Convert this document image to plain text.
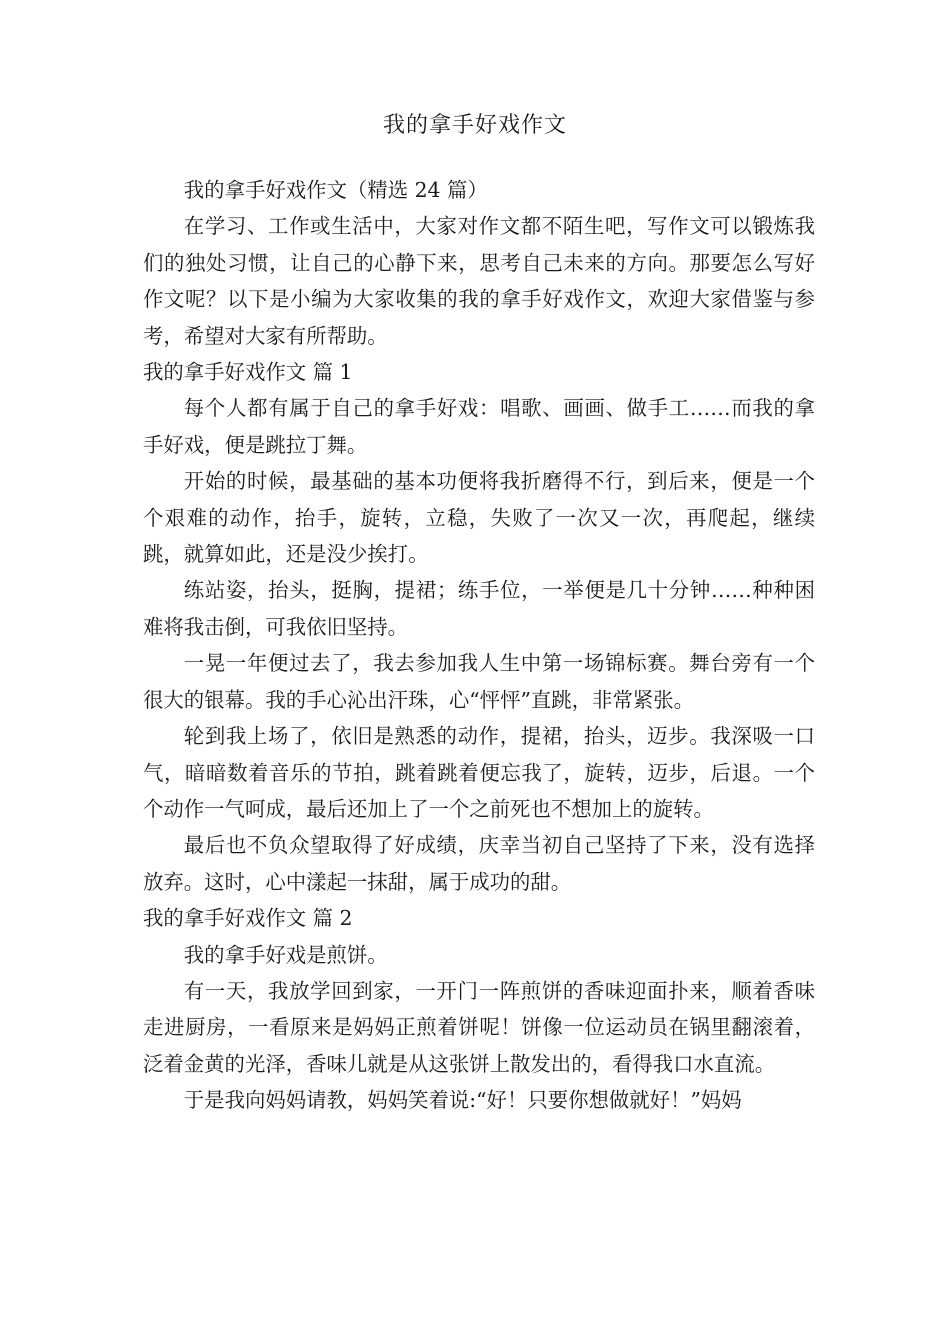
我的拿手好戏作文

我的拿手好戏作文（精选 24 篇）

在学习、工作或生活中，大家对作文都不陌生吧，写作文可以锻炼我们的独处习惯，让自己的心静下来，思考自己未来的方向。那要怎么写好作文呢？以下是小编为大家收集的我的拿手好戏作文，欢迎大家借鉴与参考，希望对大家有所帮助。

我的拿手好戏作文 篇 1

每个人都有属于自己的拿手好戏：唱歌、画画、做手工……而我的拿手好戏，便是跳拉丁舞。

开始的时候，最基础的基本功便将我折磨得不行，到后来，便是一个个艰难的动作，抬手，旋转，立稳，失败了一次又一次，再爬起，继续跳，就算如此，还是没少挨打。

练站姿，抬头，挺胸，提裙；练手位，一举便是几十分钟……种种困难将我击倒，可我依旧坚持。

一晃一年便过去了，我去参加我人生中第一场锦标赛。舞台旁有一个很大的银幕。我的手心沁出汗珠，心“怦怦”直跳，非常紧张。

轮到我上场了，依旧是熟悉的动作，提裙，抬头，迈步。我深吸一口气，暗暗数着音乐的节拍，跳着跳着便忘我了，旋转，迈步，后退。一个个动作一气呵成，最后还加上了一个之前死也不想加上的旋转。

最后也不负众望取得了好成绩，庆幸当初自己坚持了下来，没有选择放弃。这时，心中漾起一抹甜，属于成功的甜。

我的拿手好戏作文 篇 2

我的拿手好戏是煎饼。

有一天，我放学回到家，一开门一阵煎饼的香味迎面扑来，顺着香味走进厨房，一看原来是妈妈正煎着饼呢！饼像一位运动员在锅里翻滚着，泛着金黄的光泽，香味儿就是从这张饼上散发出的，看得我口水直流。

于是我向妈妈请教，妈妈笑着说:“好！只要你想做就好！”妈妈
